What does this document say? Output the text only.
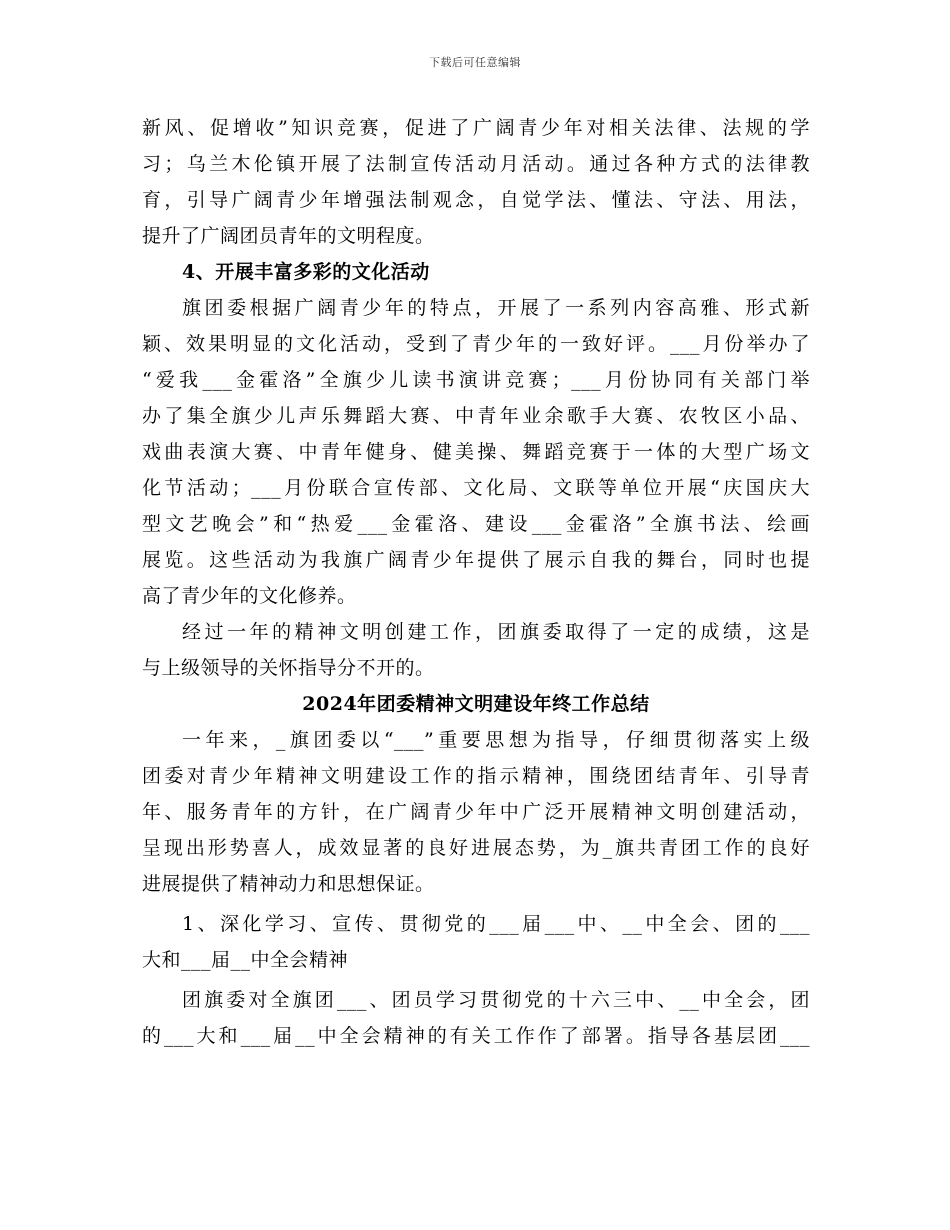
下载后可任意编辑
新风、促增收”知识竞赛，促进了广阔青少年对相关法律、法规的学
习；乌兰木伦镇开展了法制宣传活动月活动。通过各种方式的法律教
育，引导广阔青少年增强法制观念，自觉学法、懂法、守法、用法，
提升了广阔团员青年的文明程度。
4、开展丰富多彩的文化活动
旗团委根据广阔青少年的特点，开展了一系列内容高雅、形式新
颖、效果明显的文化活动，受到了青少年的一致好评。___月份举办了
“爱我___金霍洛”全旗少儿读书演讲竞赛；___月份协同有关部门举
办了集全旗少儿声乐舞蹈大赛、中青年业余歌手大赛、农牧区小品、
戏曲表演大赛、中青年健身、健美操、舞蹈竞赛于一体的大型广场文
化节活动；___月份联合宣传部、文化局、文联等单位开展“庆国庆大
型文艺晚会”和“热爱___金霍洛、建设___金霍洛”全旗书法、绘画
展览。这些活动为我旗广阔青少年提供了展示自我的舞台，同时也提
高了青少年的文化修养。
经过一年的精神文明创建工作，团旗委取得了一定的成绩，这是
与上级领导的关怀指导分不开的。
2024年团委精神文明建设年终工作总结
一年来，_旗团委以“___”重要思想为指导，仔细贯彻落实上级
团委对青少年精神文明建设工作的指示精神，围绕团结青年、引导青
年、服务青年的方针，在广阔青少年中广泛开展精神文明创建活动，
呈现出形势喜人，成效显著的良好进展态势，为_旗共青团工作的良好
进展提供了精神动力和思想保证。
1、深化学习、宣传、贯彻党的___届___中、__中全会、团的___
大和___届__中全会精神
团旗委对全旗团___、团员学习贯彻党的十六三中、__中全会，团
的___大和___届__中全会精神的有关工作作了部署。指导各基层团___
